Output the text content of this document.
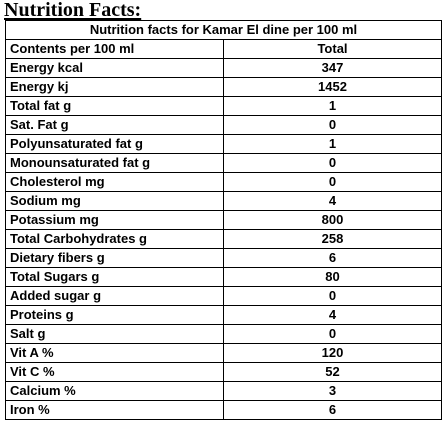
Nutrition Facts:
Nutrition facts for Kamar El dine per 100 ml	
Contents per 100 ml	Total
Energy kcal	347
Energy kj	1452
Total fat g	1
Sat. Fat g	0
Polyunsaturated fat g	1
Monounsaturated fat g	0
Cholesterol mg	0
Sodium mg	4
Potassium mg	800
Total Carbohydrates g	258
Dietary fibers g	6
Total Sugars g	80
Added sugar g	0
Proteins g	4
Salt g	0
Vit A %	120
Vit C %	52
Calcium %	3
Iron %	6
